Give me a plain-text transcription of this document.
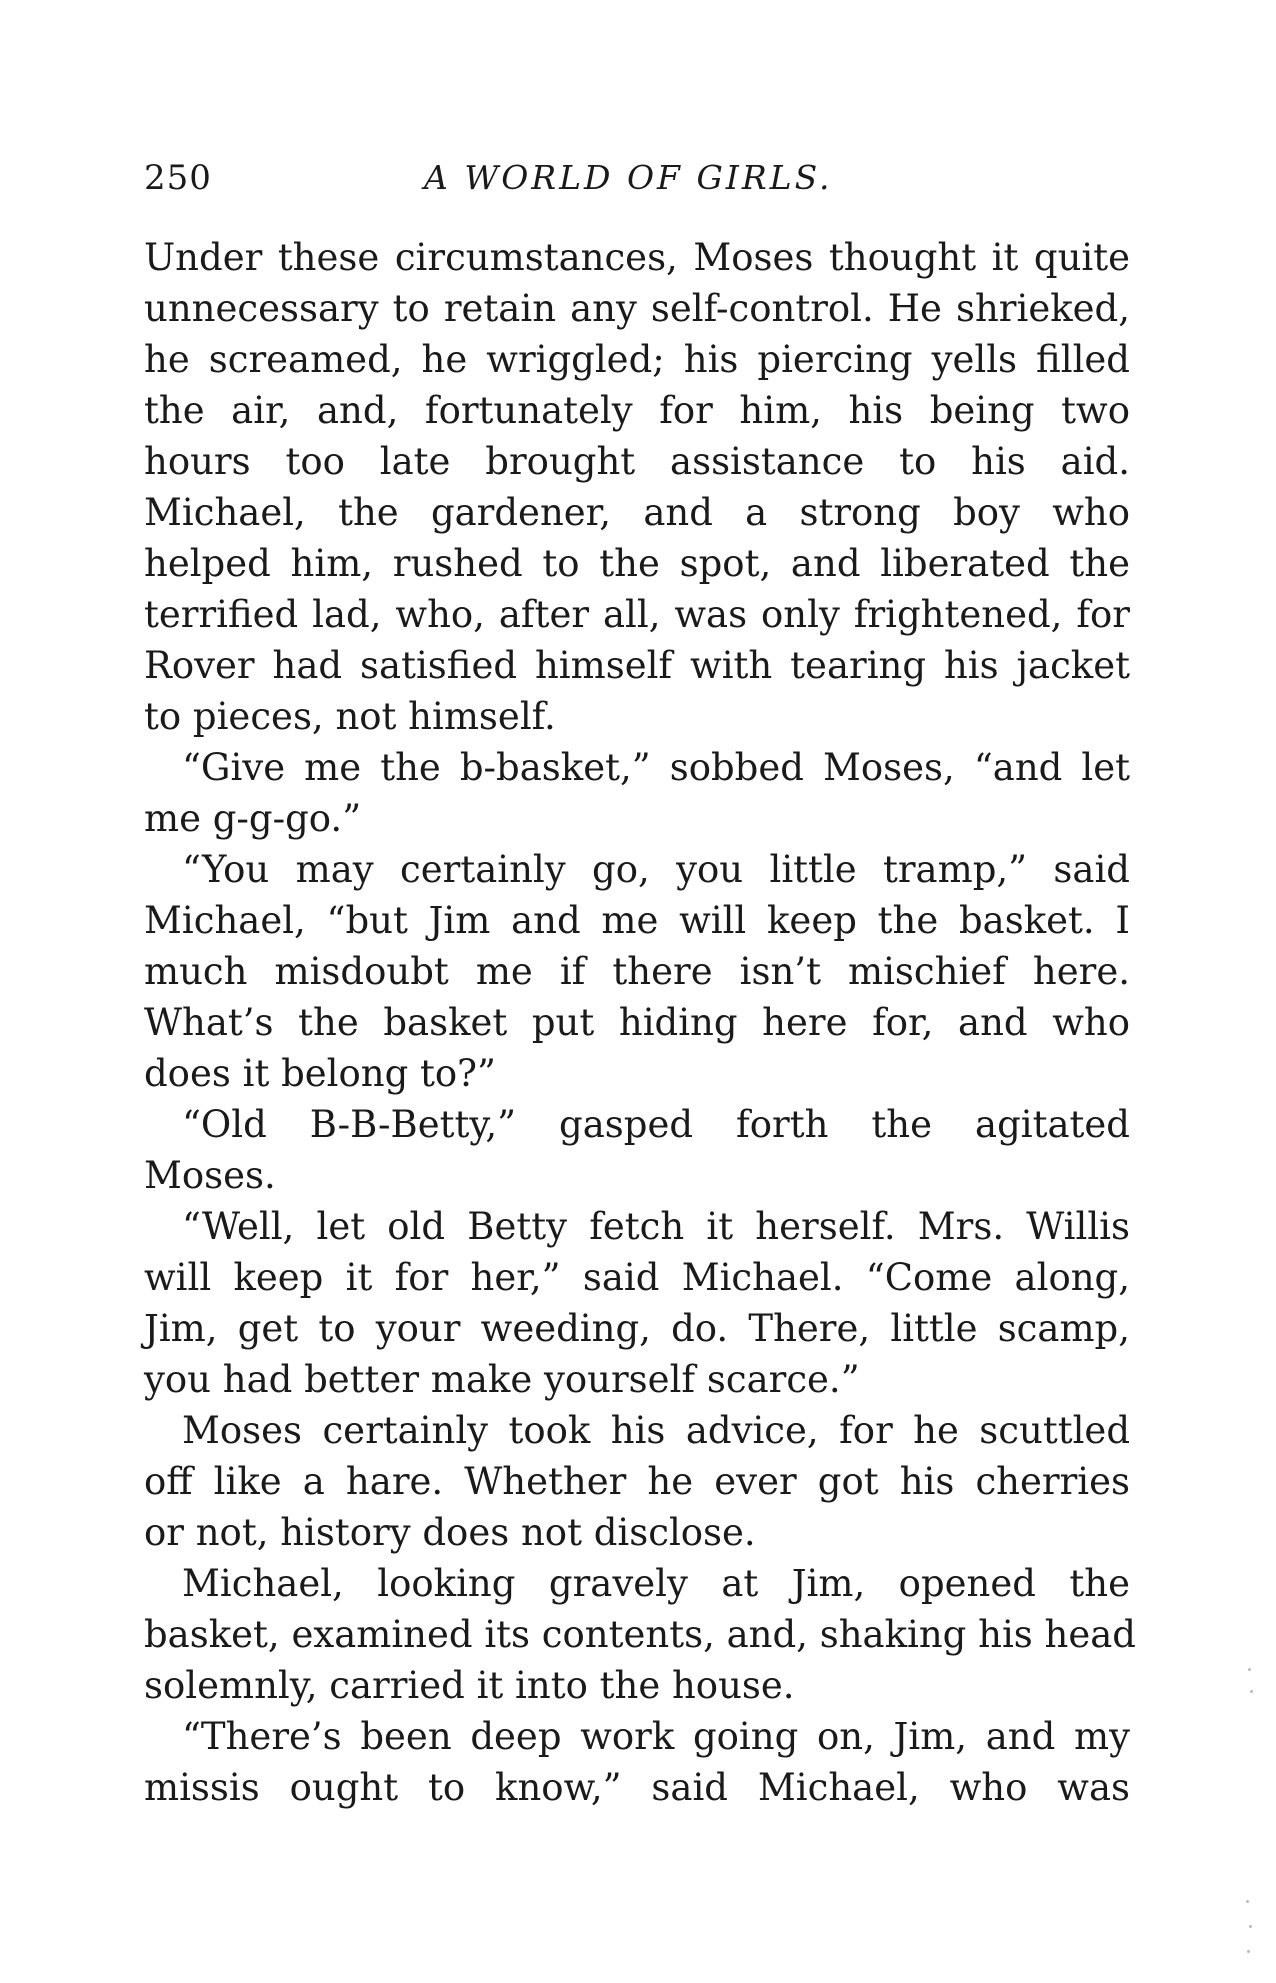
250	A WORLD OF GIRLS.
Under these circumstances, Moses thought it quite
unnecessary to retain any self-control. He shrieked,
he screamed, he wriggled; his piercing yells filled
the air, and, fortunately for him, his being two
hours too late brought assistance to his aid.
Michael, the gardener, and a strong boy who
helped him, rushed to the spot, and liberated the
terrified lad, who, after all, was only frightened, for
Rover had satisfied himself with tearing his jacket
to pieces, not himself.
“Give me the b-basket,” sobbed Moses, “and let
me g-g-go.”
“You may certainly go, you little tramp,” said
Michael, “but Jim and me will keep the basket. I
much misdoubt me if there isn’t mischief here.
What’s the basket put hiding here for, and who
does it belong to?”
“Old B-B-Betty,” gasped forth the agitated
Moses.
“Well, let old Betty fetch it herself. Mrs. Willis
will keep it for her,” said Michael. “Come along,
Jim, get to your weeding, do. There, little scamp,
you had better make yourself scarce.”
Moses certainly took his advice, for he scuttled
off like a hare. Whether he ever got his cherries
or not, history does not disclose.
Michael, looking gravely at Jim, opened the
basket, examined its contents, and, shaking his head
solemnly, carried it into the house.
“There’s been deep work going on, Jim, and my
missis ought to know,” said Michael, who was
